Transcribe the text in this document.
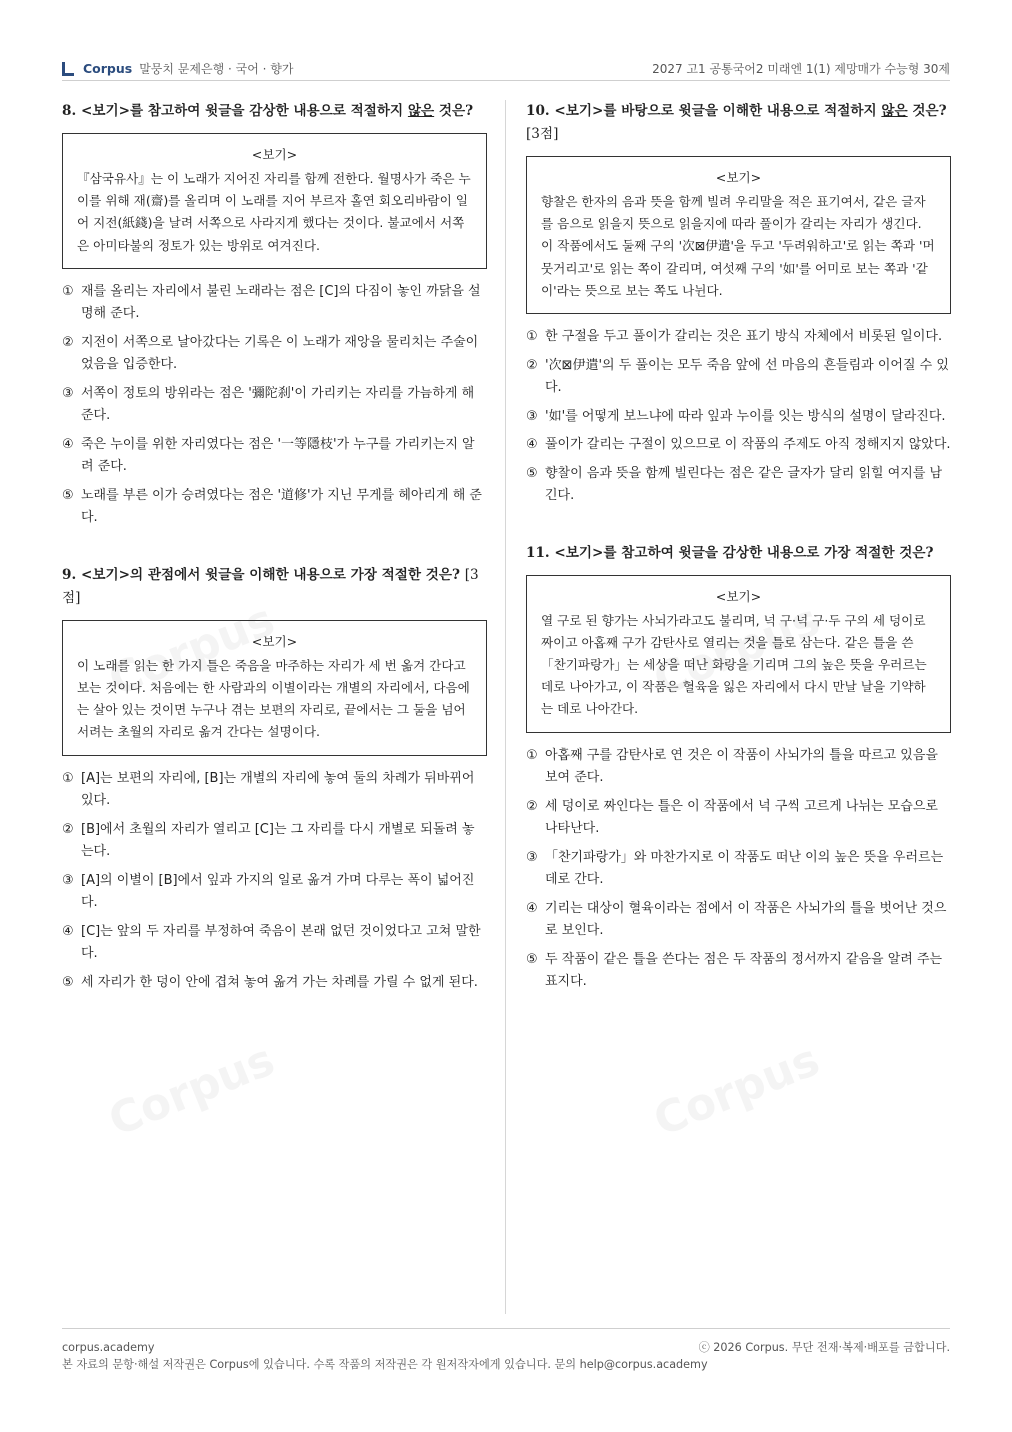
Corpus 말뭉치 문제은행 · 국어 · 향가	2027 고1 공통국어2 미래엔 1(1) 제망매가 수능형 30제

8. <보기>를 참고하여 윗글을 감상한 내용으로 적절하지 않은 것은?

<보기>
『삼국유사』는 이 노래가 지어진 자리를 함께 전한다. 월명사가 죽은 누이를 위해 재(齋)를 올리며 이 노래를 지어 부르자 홀연 회오리바람이 일어 지전(紙錢)을 날려 서쪽으로 사라지게 했다는 것이다. 불교에서 서쪽은 아미타불의 정토가 있는 방위로 여겨진다.
① 재를 올리는 자리에서 불린 노래라는 점은 [C]의 다짐이 놓인 까닭을 설명해 준다.
② 지전이 서쪽으로 날아갔다는 기록은 이 노래가 재앙을 물리치는 주술이었음을 입증한다.
③ 서쪽이 정토의 방위라는 점은 '彌陀刹'이 가리키는 자리를 가늠하게 해 준다.
④ 죽은 누이를 위한 자리였다는 점은 '一等隱枝'가 누구를 가리키는지 알려 준다.
⑤ 노래를 부른 이가 승려였다는 점은 '道修'가 지닌 무게를 헤아리게 해 준다.

9. <보기>의 관점에서 윗글을 이해한 내용으로 가장 적절한 것은? [3점]

<보기>
이 노래를 읽는 한 가지 틀은 죽음을 마주하는 자리가 세 번 옮겨 간다고 보는 것이다. 처음에는 한 사람과의 이별이라는 개별의 자리에서, 다음에는 살아 있는 것이면 누구나 겪는 보편의 자리로, 끝에서는 그 둘을 넘어서려는 초월의 자리로 옮겨 간다는 설명이다.
① [A]는 보편의 자리에, [B]는 개별의 자리에 놓여 둘의 차례가 뒤바뀌어 있다.
② [B]에서 초월의 자리가 열리고 [C]는 그 자리를 다시 개별로 되돌려 놓는다.
③ [A]의 이별이 [B]에서 잎과 가지의 일로 옮겨 가며 다루는 폭이 넓어진다.
④ [C]는 앞의 두 자리를 부정하여 죽음이 본래 없던 것이었다고 고쳐 말한다.
⑤ 세 자리가 한 덩이 안에 겹쳐 놓여 옮겨 가는 차례를 가릴 수 없게 된다.

10. <보기>를 바탕으로 윗글을 이해한 내용으로 적절하지 않은 것은? [3점]

<보기>
향찰은 한자의 음과 뜻을 함께 빌려 우리말을 적은 표기여서, 같은 글자를 음으로 읽을지 뜻으로 읽을지에 따라 풀이가 갈리는 자리가 생긴다. 이 작품에서도 둘째 구의 '次⊠伊遣'을 두고 '두려워하고'로 읽는 쪽과 '머뭇거리고'로 읽는 쪽이 갈리며, 여섯째 구의 '如'를 어미로 보는 쪽과 '같이'라는 뜻으로 보는 쪽도 나뉜다.
① 한 구절을 두고 풀이가 갈리는 것은 표기 방식 자체에서 비롯된 일이다.
② '次⊠伊遣'의 두 풀이는 모두 죽음 앞에 선 마음의 흔들림과 이어질 수 있다.
③ '如'를 어떻게 보느냐에 따라 잎과 누이를 잇는 방식의 설명이 달라진다.
④ 풀이가 갈리는 구절이 있으므로 이 작품의 주제도 아직 정해지지 않았다.
⑤ 향찰이 음과 뜻을 함께 빌린다는 점은 같은 글자가 달리 읽힐 여지를 남긴다.

11. <보기>를 참고하여 윗글을 감상한 내용으로 가장 적절한 것은?

<보기>
열 구로 된 향가는 사뇌가라고도 불리며, 넉 구·넉 구·두 구의 세 덩이로 짜이고 아홉째 구가 감탄사로 열리는 것을 틀로 삼는다. 같은 틀을 쓴 「찬기파랑가」는 세상을 떠난 화랑을 기리며 그의 높은 뜻을 우러르는 데로 나아가고, 이 작품은 혈육을 잃은 자리에서 다시 만날 날을 기약하는 데로 나아간다.
① 아홉째 구를 감탄사로 연 것은 이 작품이 사뇌가의 틀을 따르고 있음을 보여 준다.
② 세 덩이로 짜인다는 틀은 이 작품에서 넉 구씩 고르게 나뉘는 모습으로 나타난다.
③ 「찬기파랑가」와 마찬가지로 이 작품도 떠난 이의 높은 뜻을 우러르는 데로 간다.
④ 기리는 대상이 혈육이라는 점에서 이 작품은 사뇌가의 틀을 벗어난 것으로 보인다.
⑤ 두 작품이 같은 틀을 쓴다는 점은 두 작품의 정서까지 같음을 알려 주는 표지다.
corpus.academy
본 자료의 문항·해설 저작권은 Corpus에 있습니다. 수록 작품의 저작권은 각 원저작자에게 있습니다. 문의 help@corpus.academy
ⓒ 2026 Corpus. 무단 전재·복제·배포를 금합니다.
